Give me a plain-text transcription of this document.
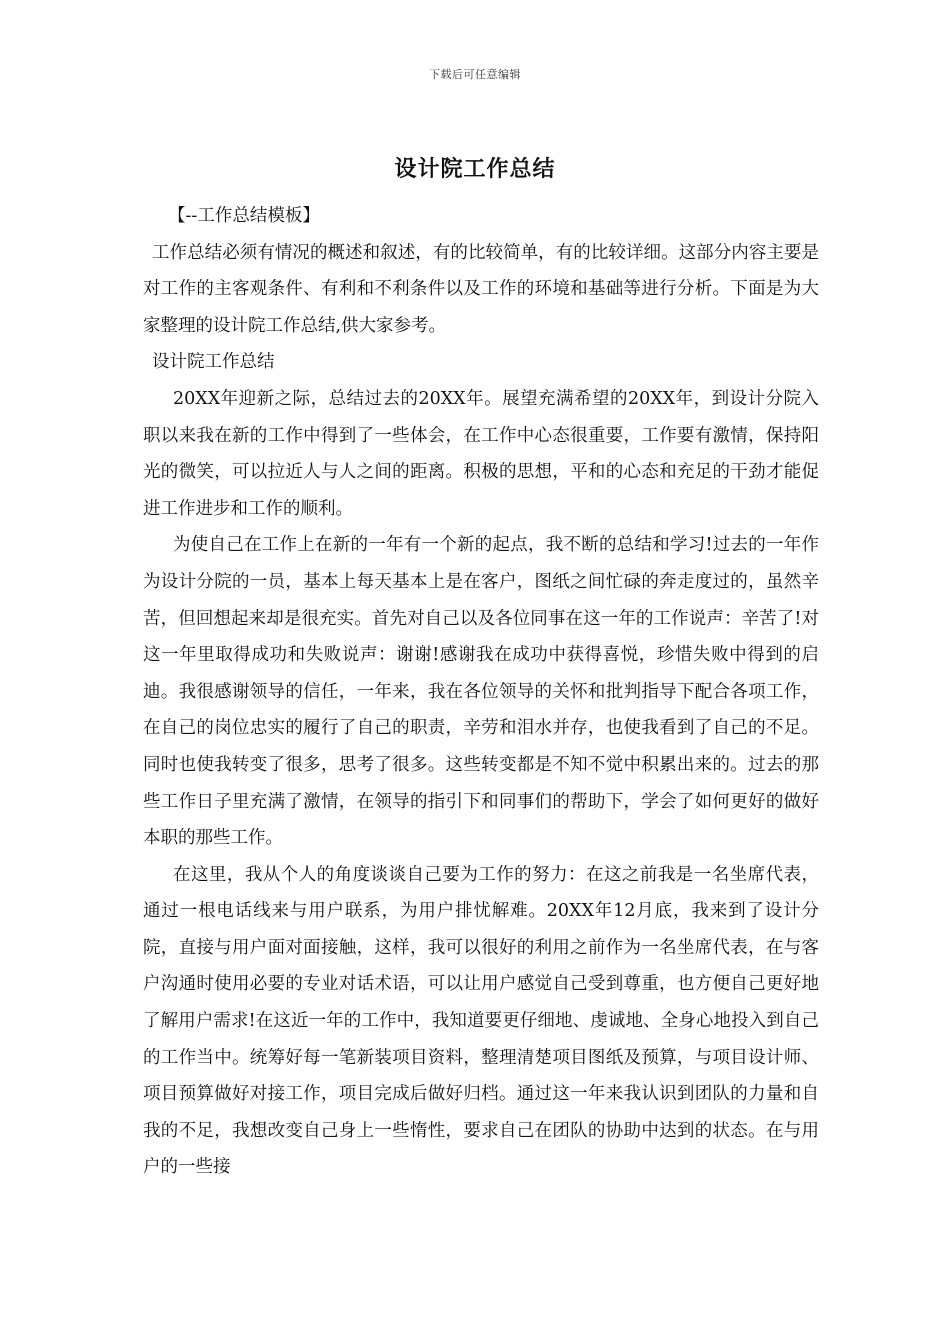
下载后可任意编辑
设计院工作总结

【--工作总结模板】

工作总结必须有情况的概述和叙述，有的比较简单，有的比较详细。这部分内容主要是对工作的主客观条件、有利和不利条件以及工作的环境和基础等进行分析。下面是为大家整理的设计院工作总结,供大家参考。

设计院工作总结

20XX年迎新之际，总结过去的20XX年。展望充满希望的20XX年，到设计分院入职以来我在新的工作中得到了一些体会，在工作中心态很重要，工作要有激情，保持阳光的微笑，可以拉近人与人之间的距离。积极的思想，平和的心态和充足的干劲才能促进工作进步和工作的顺利。

为使自己在工作上在新的一年有一个新的起点，我不断的总结和学习!过去的一年作为设计分院的一员，基本上每天基本上是在客户，图纸之间忙碌的奔走度过的，虽然辛苦，但回想起来却是很充实。首先对自己以及各位同事在这一年的工作说声：辛苦了!对这一年里取得成功和失败说声：谢谢!感谢我在成功中获得喜悦，珍惜失败中得到的启迪。我很感谢领导的信任，一年来，我在各位领导的关怀和批判指导下配合各项工作，在自己的岗位忠实的履行了自己的职责，辛劳和泪水并存，也使我看到了自己的不足。同时也使我转变了很多，思考了很多。这些转变都是不知不觉中积累出来的。过去的那些工作日子里充满了激情，在领导的指引下和同事们的帮助下，学会了如何更好的做好本职的那些工作。

在这里，我从个人的角度谈谈自己要为工作的努力：在这之前我是一名坐席代表，通过一根电话线来与用户联系，为用户排忧解难。20XX年12月底，我来到了设计分院，直接与用户面对面接触，这样，我可以很好的利用之前作为一名坐席代表，在与客户沟通时使用必要的专业对话术语，可以让用户感觉自己受到尊重，也方便自己更好地了解用户需求!在这近一年的工作中，我知道要更仔细地、虔诚地、全身心地投入到自己的工作当中。统筹好每一笔新装项目资料，整理清楚项目图纸及预算，与项目设计师、项目预算做好对接工作，项目完成后做好归档。通过这一年来我认识到团队的力量和自我的不足，我想改变自己身上一些惰性，要求自己在团队的协助中达到的状态。在与用户的一些接
